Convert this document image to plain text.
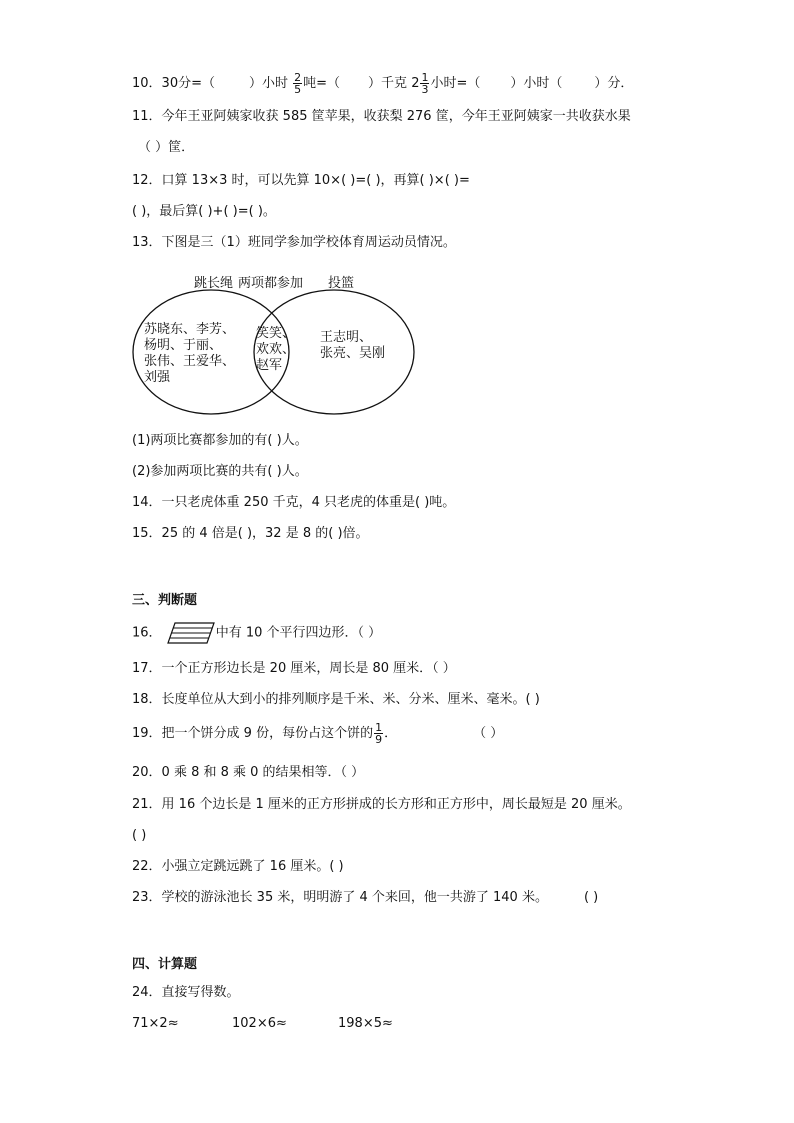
10．30分=（	）小时 $\frac{2}{5}$ 吨=（ ）千克 $2 \frac{1}{3}$ 小时=（ ）小时（ ）分．
11．今年王亚阿姨家收获 585 筐苹果，收获梨 276 筐，今年王亚阿姨家一共收获水果
（ ）筐．
12．口算 13×3 时，可以先算 10×( )=( )，再算( )×( )=
( )，最后算( )+( )=( )。
13．下图是三（1）班同学参加学校体育周运动员情况。
跳长绳 两项都参加 投篮
苏晓东、李芳、
杨明、于丽、
张伟、王爱华、
刘强
笑笑、
欢欢、
赵军
王志明、
张亮、吴刚
(1)两项比赛都参加的有( )人。
(2)参加两项比赛的共有( )人。
14．一只老虎体重 250 千克，4 只老虎的体重是( )吨。
15．25 的 4 倍是( )，32 是 8 的( )倍。
三、判断题
16．	中有 10 个平行四边形．（ ）
17．一个正方形边长是 20 厘米，周长是 80 厘米．（ ）
18．长度单位从大到小的排列顺序是千米、米、分米、厘米、毫米。( )
19．把一个饼分成 9 份，每份占这个饼的 $\frac{1}{9}$ ．	（ ）
20．0 乘 8 和 8 乘 0 的结果相等．（ ）
21．用 16 个边长是 1 厘米的正方形拼成的长方形和正方形中，周长最短是 20 厘米。
( )
22．小强立定跳远跳了 16 厘米。( )
23．学校的游泳池长 35 米，明明游了 4 个来回，他一共游了 140 米。	( )
四、计算题
24．直接写得数。
71×2≈	102×6≈	198×5≈
